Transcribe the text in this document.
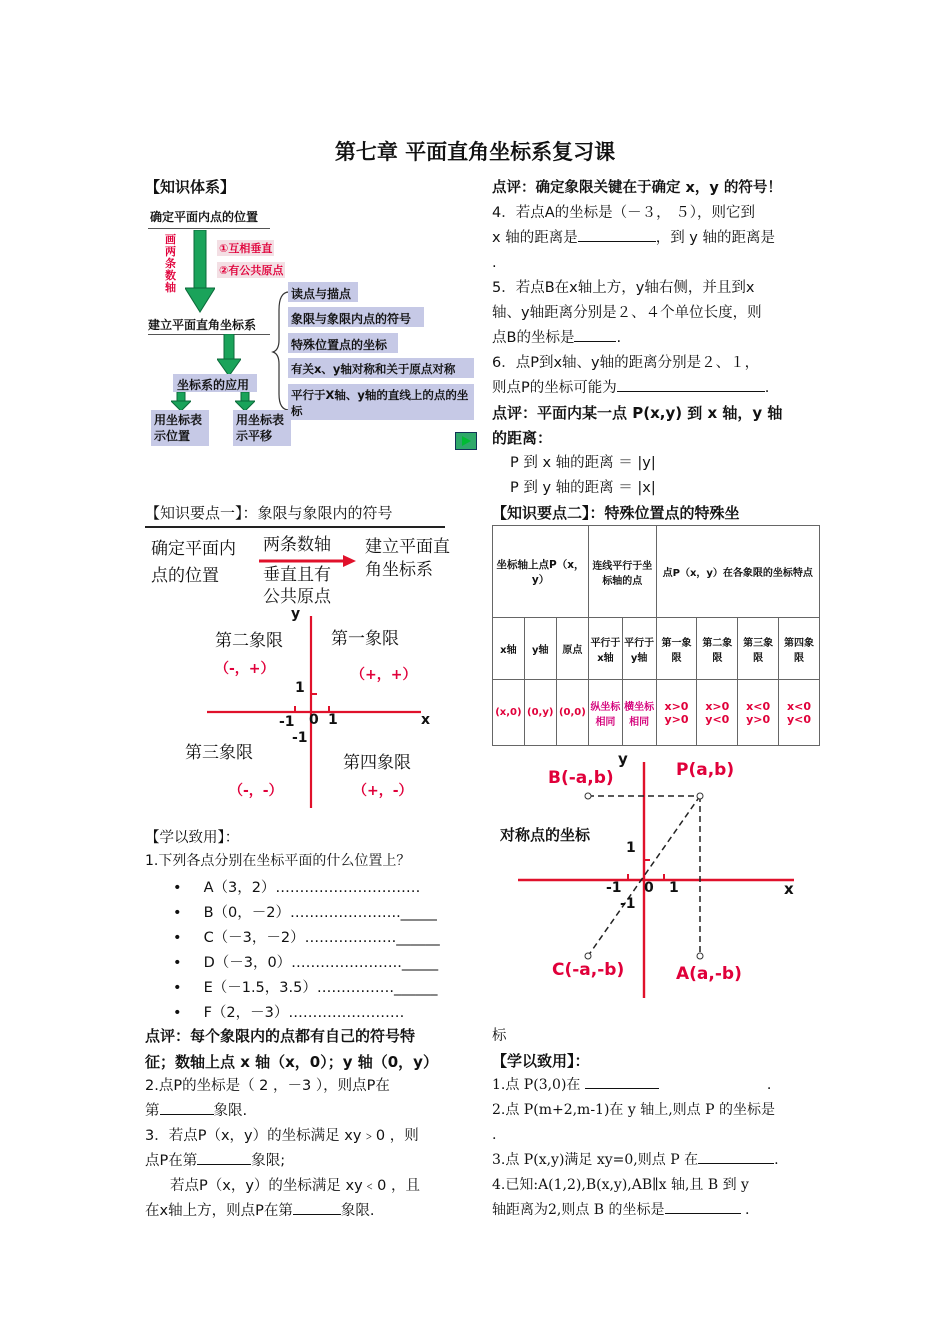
第七章 平面直角坐标系复习课
【知识体系】
确定平面内点的位置
画
两
条
数
轴
①互相垂直
②有公共原点
建立平面直角坐标系
读点与描点
象限与象限内点的符号
特殊位置点的坐标
有关x、y轴对称和关于原点对称
平行于X轴、y轴的直线上的点的坐标
坐标系的应用
用坐标表示位置
用坐标表示平移
【知识要点一】：象限与象限内的符号
确定平面内点的位置
两条数轴
垂直且有公共原点
建立平面直角坐标系
y
x
1
-1 0 1
-1
第二象限	第一象限
（-，+）	（+，+）
第三象限	第四象限
（-，-）	（+，-）
【学以致用】：
1.下列各点分别在坐标平面的什么位置上？
• A（3，2）…………………………
• B（0，－2）………………….._____
• C（－3，－2）……………….______
• D（－3，0）………………….._____
• E（－1.5，3.5）…………….______
• F（2，－3）……………………
点评：每个象限内的点都有自己的符号特
征；数轴上点 x 轴（x，0）；y 轴（0，y）
2.点P的坐标是（ 2 ，－3 ），则点P在
第	象限.
3．若点P（x，y）的坐标满足 xy﹥0 ，则
点P在第	象限;
若点P（x，y）的坐标满足 xy﹤0 ，且
在x轴上方，则点P在第	象限.
点评：确定象限关键在于确定 x，y 的符号！
4．若点A的坐标是（－３， ５），则它到
x 轴的距离是	，到 y 轴的距离是
.
5．若点B在x轴上方，y轴右侧，并且到x
轴、y轴距离分别是２、４个单位长度，则
点B的坐标是	.
6．点P到x轴、y轴的距离分别是２、１，
则点P的坐标可能为	.
点评：平面内某一点 P(x,y) 到 x 轴，y 轴
的距离：
P 到 x 轴的距离 ＝ |y|
P 到 y 轴的距离 ＝ |x|
【知识要点二】：特殊位置点的特殊坐
坐标轴上点P（x，y）			连线平行于坐标轴的点		点P（x，y）在各象限的坐标特点			
x轴	y轴	原点	平行于x轴	平行于y轴	第一象限	第二象限	第三象限	第四象限
(x,0)	(0,y)	(0,0)	纵坐标相同	横坐标相同	x>0 y>0	x>0 y<0	x<0 y>0	x<0 y<0
y
x
B(-a,b)	P(a,b)
C(-a,-b)	A(a,-b)
对称点的坐标
1
-1 0 1
-1
标
【学以致用】：
1.点 P(3,0)在	.
2.点 P(m+2,m-1)在 y 轴上,则点 P 的坐标是
.
3.点 P(x,y)满足 xy=0,则点 P 在	.
4.已知:A(1,2),B(x,y),AB∥x 轴,且 B 到 y
轴距离为2,则点 B 的坐标是	.
